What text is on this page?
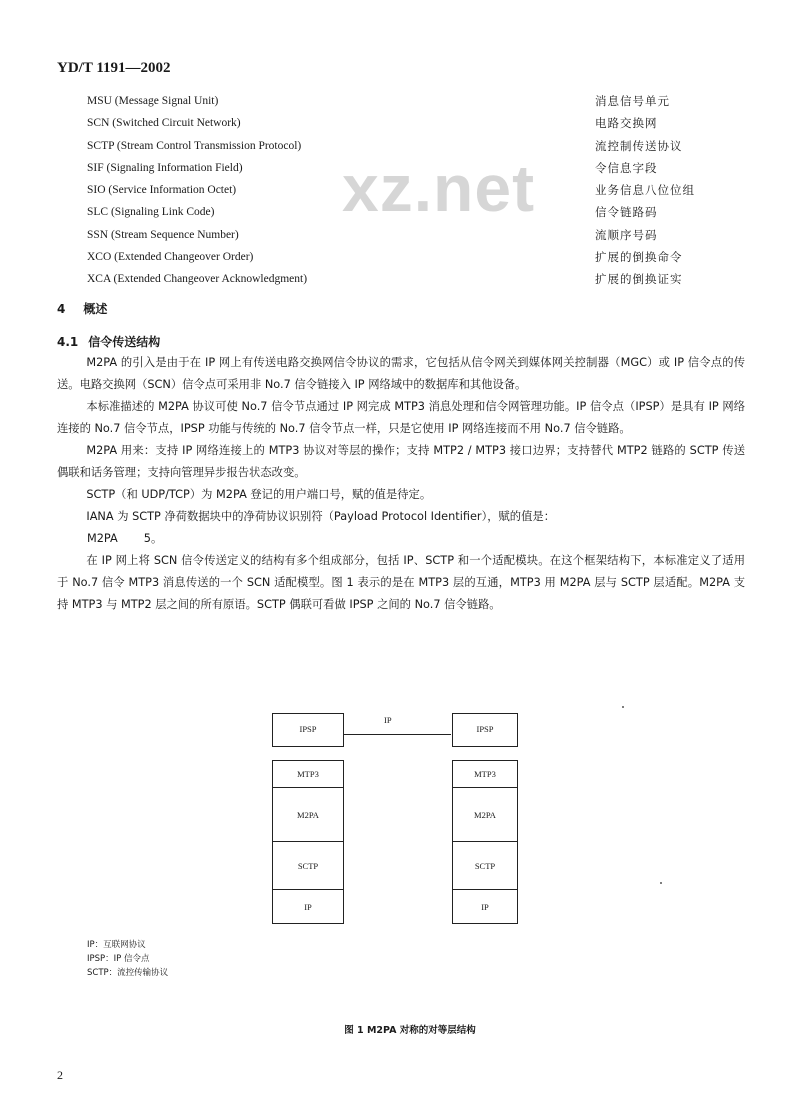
YD/T 1191—2002
xz.net
MSU (Message Signal Unit)	消息信号单元
SCN (Switched Circuit Network)	电路交换网
SCTP (Stream Control Transmission Protocol)	流控制传送协议
SIF (Signaling Information Field)	令信息字段
SIO (Service Information Octet)	业务信息八位位组
SLC (Signaling Link Code)	信令链路码
SSN (Stream Sequence Number)	流顺序号码
XCO (Extended Changeover Order)	扩展的倒换命令
XCA (Extended Changeover Acknowledgment)	扩展的倒换证实
4 概述
4.1 信令传送结构

M2PA 的引入是由于在 IP 网上有传送电路交换网信令协议的需求，它包括从信令网关到媒体网关控制器（MGC）或 IP 信令点的传送。电路交换网（SCN）信令点可采用非 No.7 信令链接入 IP 网络域中的数据库和其他设备。

本标准描述的 M2PA 协议可使 No.7 信令节点通过 IP 网完成 MTP3 消息处理和信令网管理功能。IP 信令点（IPSP）是具有 IP 网络连接的 No.7 信令节点，IPSP 功能与传统的 No.7 信令节点一样，只是它使用 IP 网络连接而不用 No.7 信令链路。

M2PA 用来：支持 IP 网络连接上的 MTP3 协议对等层的操作；支持 MTP2 / MTP3 接口边界；支持替代 MTP2 链路的 SCTP 传送偶联和话务管理；支持向管理异步报告状态改变。

SCTP（和 UDP/TCP）为 M2PA 登记的用户端口号，赋的值是待定。

IANA 为 SCTP 净荷数据块中的净荷协议识别符（Payload Protocol Identifier），赋的值是：

M2PA 5。

在 IP 网上将 SCN 信令传送定义的结构有多个组成部分，包括 IP、SCTP 和一个适配模块。在这个框架结构下，本标准定义了适用于 No.7 信令 MTP3 消息传送的一个 SCN 适配模型。图 1 表示的是在 MTP3 层的互通，MTP3 用 M2PA 层与 SCTP 层适配。M2PA 支持 MTP3 与 MTP2 层之间的所有原语。SCTP 偶联可看做 IPSP 之间的 No.7 信令链路。

IPSP	IPSP
IP
MTP3
M2PA
SCTP
IP
MTP3
M2PA
SCTP
IP
IP：互联网协议
IPSP：IP 信令点
SCTP：流控传输协议
图 1 M2PA 对称的对等层结构
2
